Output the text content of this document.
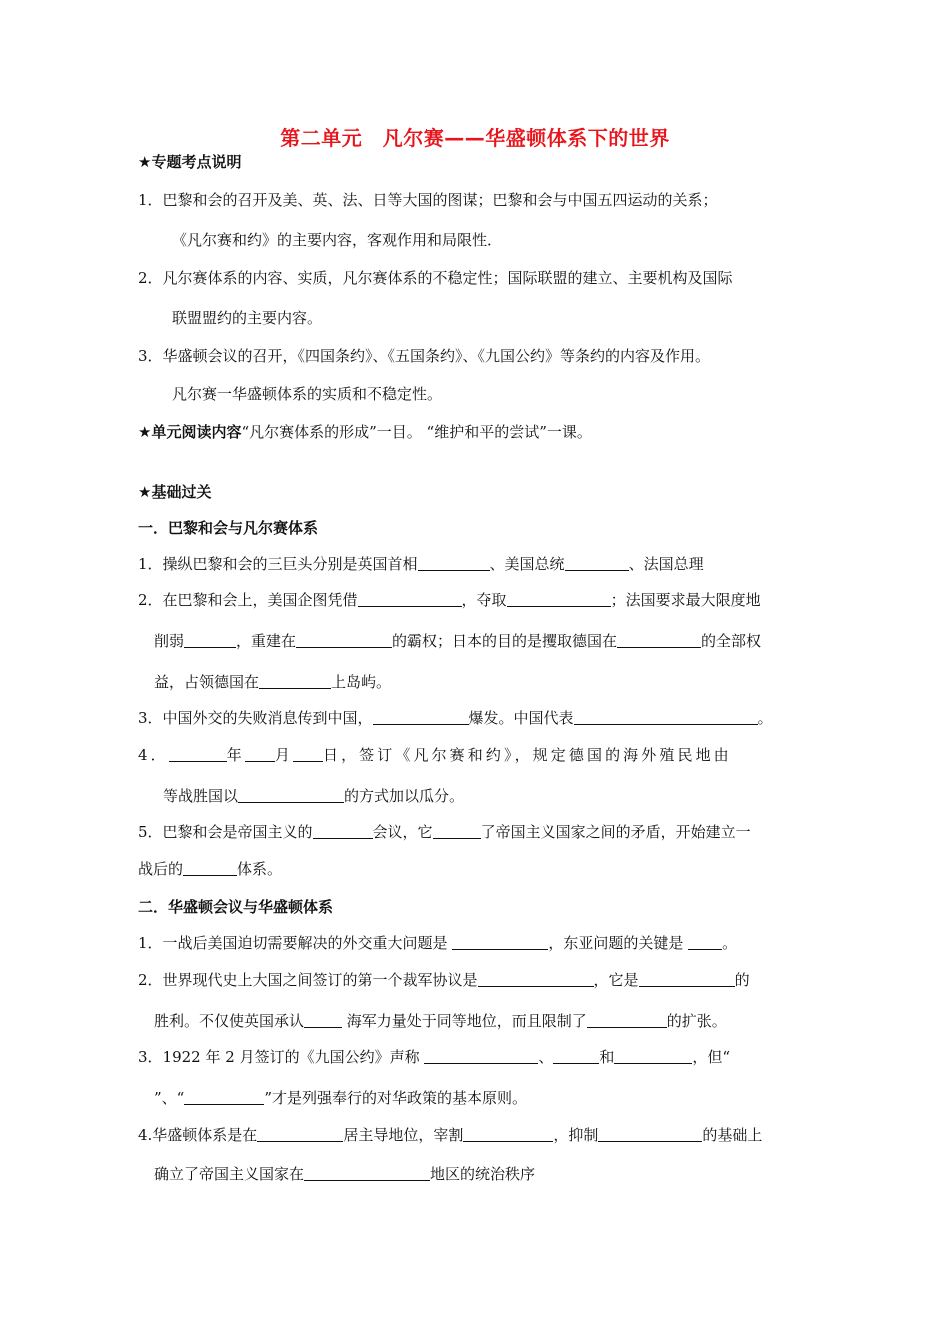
第二单元　凡尔赛——华盛顿体系下的世界
★专题考点说明
1．巴黎和会的召开及美、英、法、日等大国的图谋；巴黎和会与中国五四运动的关系；
《凡尔赛和约》的主要内容，客观作用和局限性．
2．凡尔赛体系的内容、实质，凡尔赛体系的不稳定性；国际联盟的建立、主要机构及国际
联盟盟约的主要内容。
3．华盛顿会议的召开，《四国条约》、《五国条约》、《九国公约》等条约的内容及作用。
凡尔赛一华盛顿体系的实质和不稳定性。
★单元阅读内容“凡尔赛体系的形成”一目。 “维护和平的尝试”一课。
★基础过关
一．巴黎和会与凡尔赛体系
1．操纵巴黎和会的三巨头分别是英国首相	、美国总统	、法国总理
2．在巴黎和会上，美国企图凭借	，夺取	；法国要求最大限度地
削弱	，重建在	的霸权；日本的目的是攫取德国在	的全部权
益，占领德国在	上岛屿。
3．中国外交的失败消息传到中国，	爆发。中国代表	。
4．	年 月 日，签订《凡尔赛和约》，规定德国的海外殖民地由
等战胜国以	的方式加以瓜分。
5．巴黎和会是帝国主义的	会议，它	了帝国主义国家之间的矛盾，开始建立一
战后的	体系。
二．华盛顿会议与华盛顿体系
1．一战后美国迫切需要解决的外交重大问题是	，东亚问题的关键是 。
2．世界现代史上大国之间签订的第一个裁军协议是	，它是	的
胜利。不仅使英国承认	海军力量处于同等地位，而且限制了	的扩张。
3．1922 年 2 月签订的《九国公约》声称	、	和	，但“
”、“	”才是列强奉行的对华政策的基本原则。
4.华盛顿体系是在	居主导地位，宰割	，抑制	的基础上
确立了帝国主义国家在	地区的统治秩序
